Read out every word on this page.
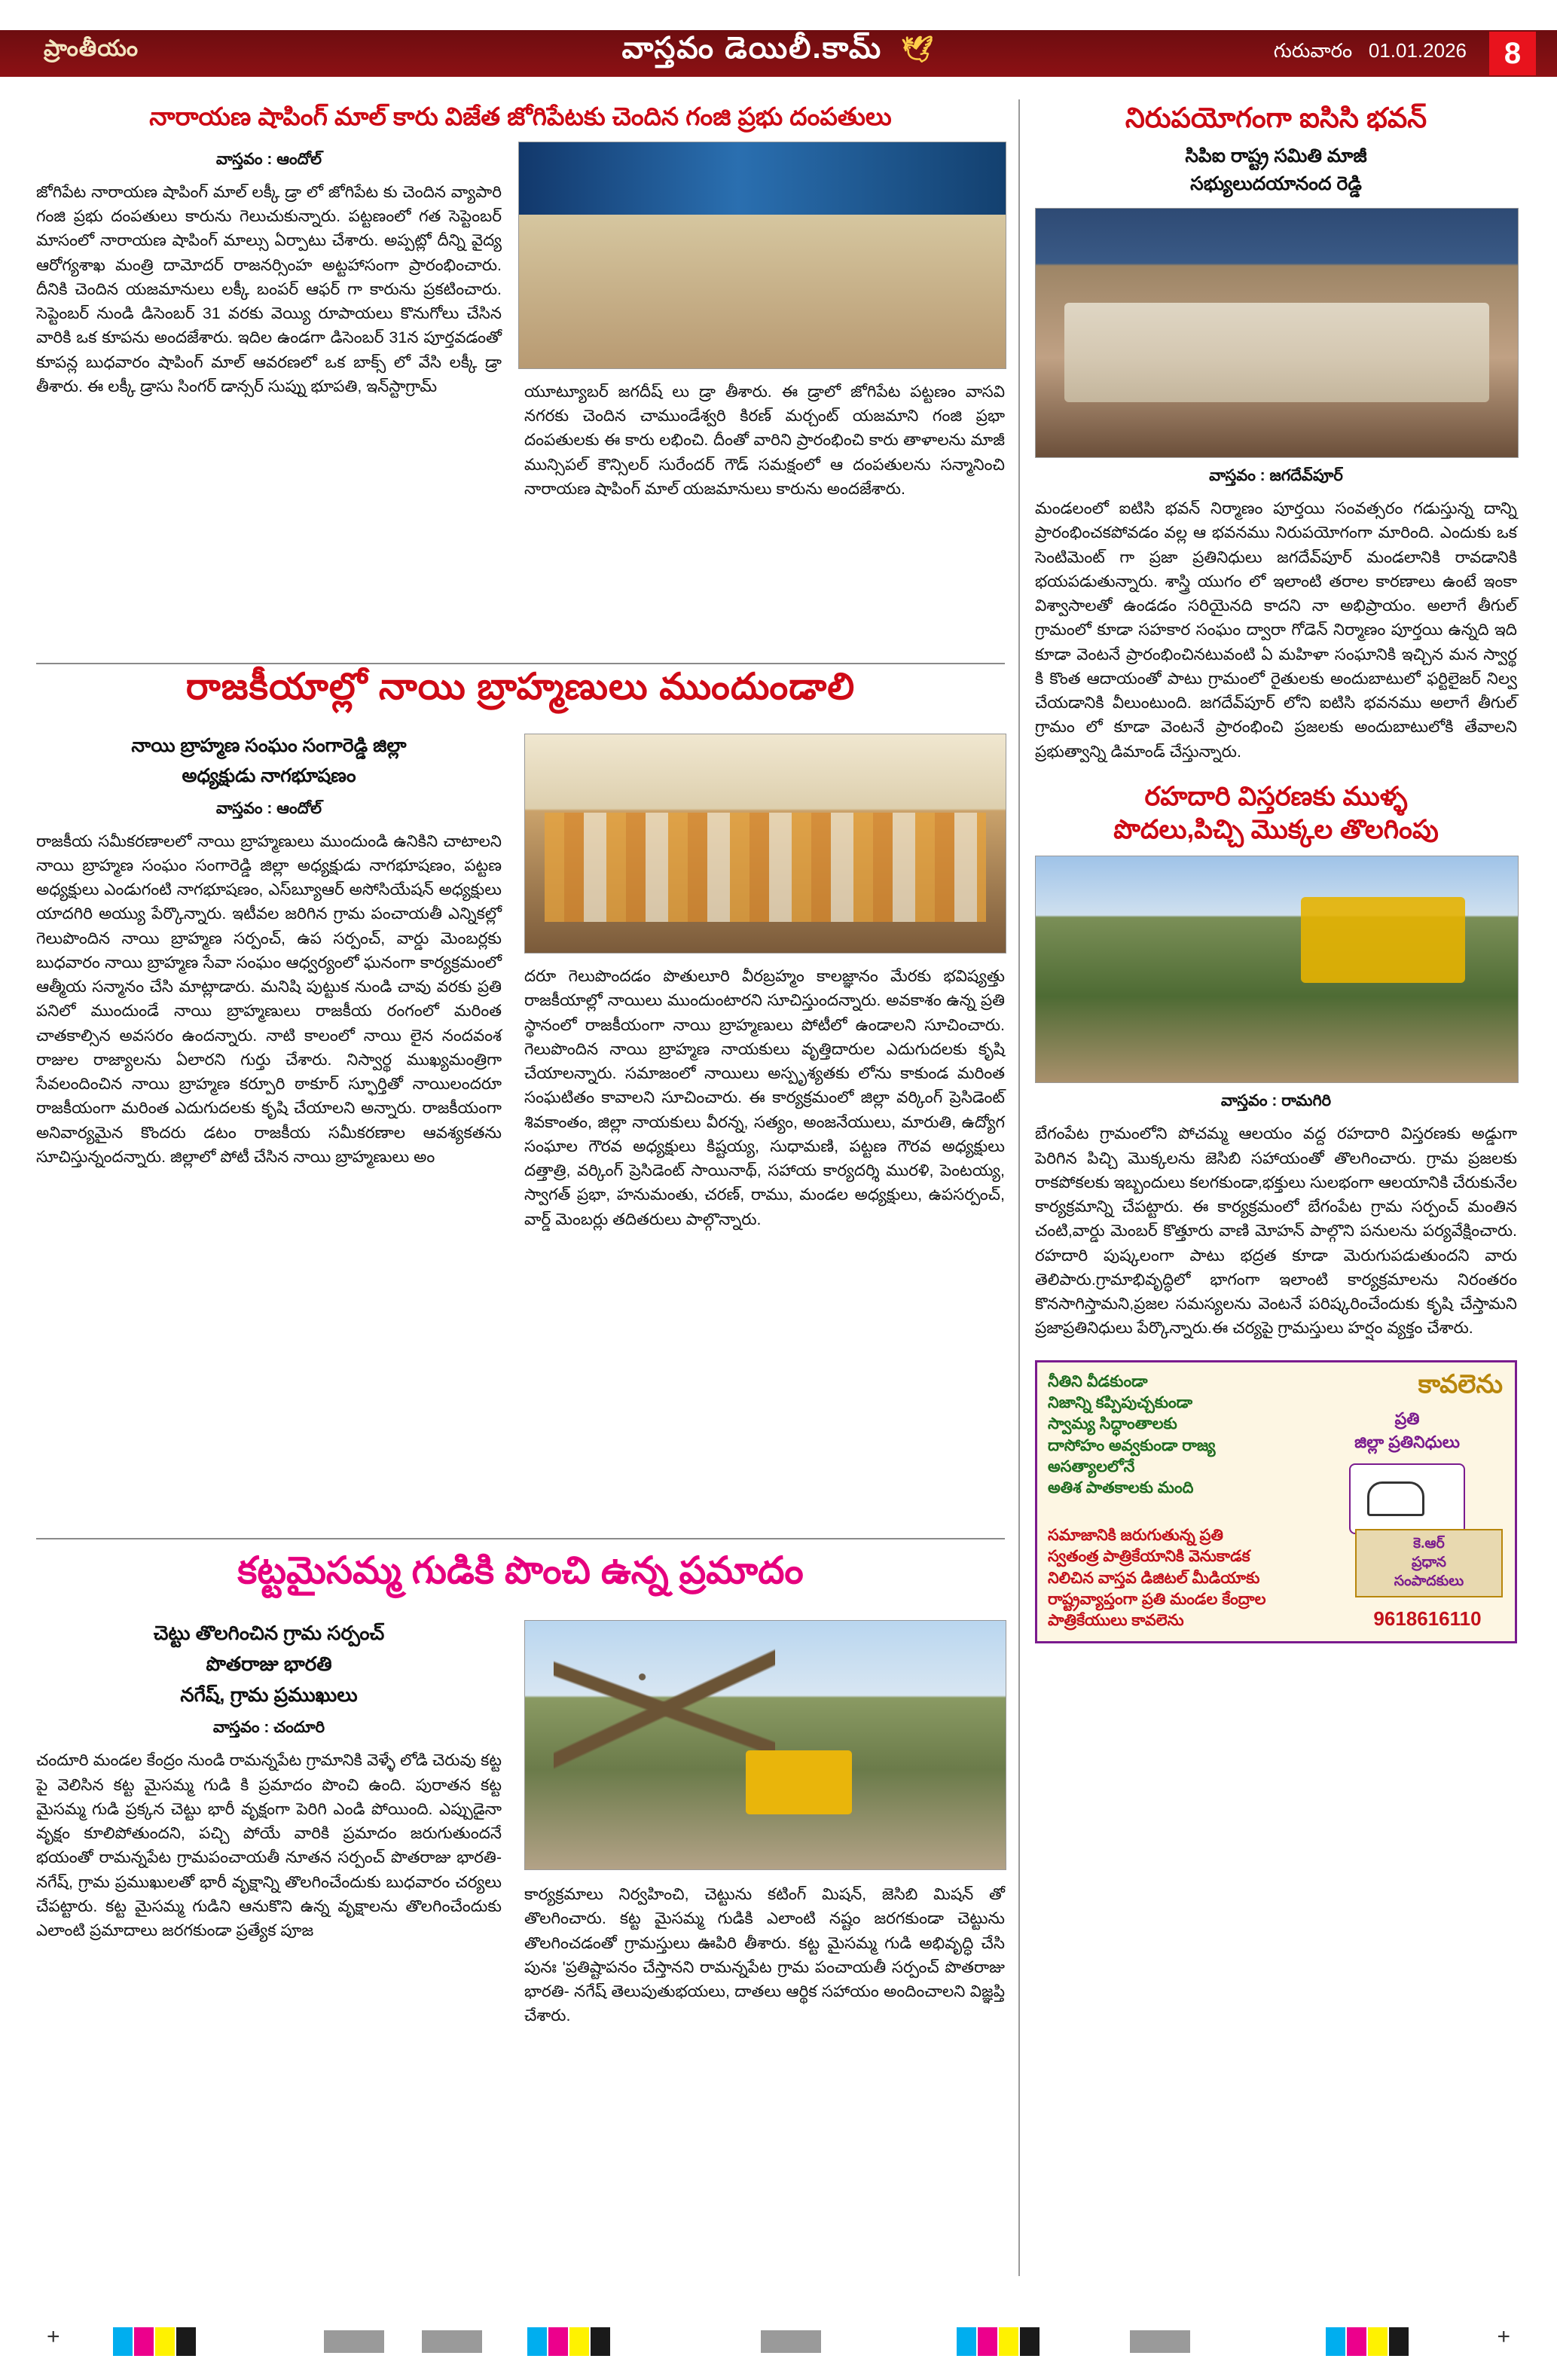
ప్రాంతీయం	వాస్తవం డెయిలీ.కామ్ 🕊	గురువారం 01.01.2026	8
నారాయణ షాపింగ్ మాల్ కారు విజేత జోగిపేటకు చెందిన గంజి ప్రభు దంపతులు
వాస్తవం : ఆందోల్
జోగిపేట నారాయణ షాపింగ్ మాల్ లక్కీ డ్రా లో జోగిపేట కు చెందిన వ్యాపారి గంజి ప్రభు దంపతులు కారును గెలుచుకున్నారు. పట్టణంలో గత సెప్టెంబర్ మాసంలో నారాయణ షాపింగ్ మాల్సు ఏర్పాటు చేశారు. అప్పట్లో దీన్ని వైద్య ఆరోగ్యశాఖ మంత్రి దామోదర్ రాజనర్సింహ అట్టహాసంగా ప్రారంభించారు. దీనికి చెందిన యజమానులు లక్కీ బంపర్ ఆఫర్ గా కారును ప్రకటించారు. సెప్టెంబర్ నుండి డిసెంబర్ 31 వరకు వెయ్యి రూపాయలు కొనుగోలు చేసిన వారికి ఒక కూపను అందజేశారు. ఇదిల ఉండగా డిసెంబర్ 31న పూర్తవడంతో కూపన్ల బుధవారం షాపింగ్ మాల్ ఆవరణలో ఒక బాక్స్ లో వేసి లక్కీ డ్రా తీశారు. ఈ లక్కీ డ్రాసు సింగర్ డాన్సర్ సుప్ను భూపతి, ఇన్‌స్టాగ్రామ్	యూట్యూబర్ జగదీష్ లు డ్రా తీశారు. ఈ డ్రాలో జోగిపేట పట్టణం వాసవి నగరకు చెందిన చాముండేశ్వరి కిరణ్ మర్చంట్ యజమాని గంజి ప్రభా దంపతులకు ఈ కారు లభించి. దీంతో వారిని ప్రారంభించి కారు తాళాలను మాజీ మున్సిపల్ కౌన్సిలర్ సురేందర్ గౌడ్ సమక్షంలో ఆ దంపతులను సన్మానించి నారాయణ షాపింగ్ మాల్ యజమానులు కారును అందజేశారు.
రాజకీయాల్లో నాయి బ్రాహ్మణులు ముందుండాలి
నాయి బ్రాహ్మణ సంఘం సంగారెడ్డి జిల్లా
అధ్యక్షుడు నాగభూషణం
వాస్తవం : ఆందోల్
రాజకీయ సమీకరణాలలో నాయి బ్రాహ్మణులు ముందుండి ఉనికిని చాటాలని నాయి బ్రాహ్మణ సంఘం సంగారెడ్డి జిల్లా అధ్యక్షుడు నాగభూషణం, పట్టణ అధ్యక్షులు ఎండుగంటి నాగభూషణం, ఎస్‌బ్యూఆర్ అసోసియేషన్ అధ్యక్షులు యాదగిరి అయ్యు పేర్కొన్నారు. ఇటీవల జరిగిన గ్రామ పంచాయతీ ఎన్నికల్లో గెలుపొందిన నాయి బ్రాహ్మణ సర్పంచ్, ఉప సర్పంచ్, వార్డు మెంబర్లకు బుధవారం నాయి బ్రాహ్మణ సేవా సంఘం ఆధ్వర్యంలో ఘనంగా కార్యక్రమంలో ఆత్మీయ సన్మానం చేసి మాట్లాడారు. మనిషి పుట్టుక నుండి చావు వరకు ప్రతి పనిలో ముందుండే నాయి బ్రాహ్మణులు రాజకీయ రంగంలో మరింత చాతకాల్సిన అవసరం ఉందన్నారు. నాటి కాలంలో నాయి లైన నందవంశ రాజుల రాజ్యాలను ఏలారని గుర్తు చేశారు. నిస్వార్థ ముఖ్యమంత్రిగా సేవలందించిన నాయి బ్రాహ్మణ కర్పూరి ఠాకూర్ స్ఫూర్తితో నాయిలందరూ రాజకీయంగా మరింత ఎదుగుదలకు కృషి చేయాలని అన్నారు. రాజకీయంగా అనివార్యమైన కొందరు డటం రాజకీయ సమీకరణాల ఆవశ్యకతను సూచిస్తున్నందన్నారు. జిల్లాలో పోటీ చేసిన నాయి బ్రాహ్మణులు అం
దరూ గెలుపొందడం పొతులూరి వీరబ్రహ్మం కాలజ్ఞానం మేరకు భవిష్యత్తు రాజకీయాల్లో నాయిలు ముందుంటారని సూచిస్తుందన్నారు. అవకాశం ఉన్న ప్రతి స్థానంలో రాజకీయంగా నాయి బ్రాహ్మణులు పోటీలో ఉండాలని సూచించారు. గెలుపొందిన నాయి బ్రాహ్మణ నాయకులు వృత్తిదారుల ఎదుగుదలకు కృషి చేయాలన్నారు. సమాజంలో నాయిలు అస్పృశ్యతకు లోను కాకుండ మరింత సంఘటితం కావాలని సూచించారు. ఈ కార్యక్రమంలో జిల్లా వర్కింగ్ ప్రెసిడెంట్ శివకాంతం, జిల్లా నాయకులు వీరన్న, సత్యం, అంజనేయులు, మారుతి, ఉద్యోగ సంఘాల గౌరవ అధ్యక్షులు కిష్టయ్య, సుధామణి, పట్టణ గౌరవ అధ్యక్షులు దత్తాత్రి, వర్కింగ్ ప్రెసిడెంట్ సాయినాథ్, సహాయ కార్యదర్శి మురళి, పెంటయ్య, స్వాగత్ ప్రభా, హనుమంతు, చరణ్, రాము, మండల అధ్యక్షులు, ఉపసర్పంచ్, వార్డ్ మెంబర్లు తదితరులు పాల్గొన్నారు.
కట్టమైసమ్మ గుడికి పొంచి ఉన్న ప్రమాదం
చెట్టు తొలగించిన గ్రామ సర్పంచ్
పొతరాజు భారతి
నగేష్, గ్రామ ప్రముఖులు
వాస్తవం : చందూరి
చందూరి మండల కేంద్రం నుండి రామన్నపేట గ్రామానికి వెళ్ళే లోడి చెరువు కట్ట పై వెలిసిన కట్ట మైసమ్మ గుడి కి ప్రమాదం పొంచి ఉంది. పురాతన కట్ట మైసమ్మ గుడి ప్రక్కన చెట్టు భారీ వృక్షంగా పెరిగి ఎండి పోయింది. ఎప్పుడైనా వృక్షం కూలిపోతుందని, పచ్చి పోయే వారికి ప్రమాదం జరుగుతుందనే భయంతో రామన్నపేట గ్రామపంచాయతీ నూతన సర్పంచ్ పొతరాజు భారతి- నగేష్, గ్రామ ప్రముఖులతో భారీ వృక్షాన్ని తొలగించేందుకు బుధవారం చర్యలు చేపట్టారు. కట్ట మైసమ్మ గుడిని ఆనుకొని ఉన్న వృక్షాలను తొలగించేందుకు ఎలాంటి ప్రమాదాలు జరగకుండా ప్రత్యేక పూజ
కార్యక్రమాలు నిర్వహించి, చెట్టును కటింగ్ మిషన్, జెసిబి మిషన్ తో తొలగించారు. కట్ట మైసమ్మ గుడికి ఎలాంటి నష్టం జరగకుండా చెట్టును తొలగించడంతో గ్రామస్తులు ఊపిరి తీశారు. కట్ట మైసమ్మ గుడి అభివృద్ధి చేసి పునః 'ప్రతిష్టాపనం చేస్తానని రామన్నపేట గ్రామ పంచాయతీ సర్పంచ్ పొతరాజు భారతి- నగేష్ తెలుపుతుభయలు, దాతలు ఆర్థిక సహాయం అందించాలని విజ్ఞప్తి చేశారు.
నిరుపయోగంగా ఐసిసి భవన్
సిపిఐ రాష్ట్ర సమితి మాజీ
సభ్యులుదయానంద రెడ్డి
వాస్తవం : జగదేవ్‌పూర్
మండలంలో ఐటిసి భవన్ నిర్మాణం పూర్తయి సంవత్సరం గడుస్తున్న దాన్ని ప్రారంభించకపోవడం వల్ల ఆ భవనము నిరుపయోగంగా మారింది. ఎందుకు ఒక సెంటిమెంట్ గా ప్రజా ప్రతినిధులు జగదేవ్‌పూర్ మండలానికి రావడానికి భయపడుతున్నారు. శాస్త్రి యుగం లో ఇలాంటి తరాల కారణాలు ఉంటే ఇంకా విశ్వాసాలతో ఉండడం సరియైనది కాదని నా అభిప్రాయం. అలాగే తీగుల్ గ్రామంలో కూడా సహకార సంఘం ద్వారా గోడెన్ నిర్మాణం పూర్తయి ఉన్నది ఇది కూడా వెంటనే ప్రారంభించినటువంటి ఏ మహిళా సంఘానికి ఇచ్చిన మన స్వార్థ కి కొంత ఆదాయంతో పాటు గ్రామంలో రైతులకు అందుబాటులో ఫర్టిలైజర్ నిల్వ చేయడానికి వీలుంటుంది. జగదేవ్‌పూర్ లోని ఐటిసి భవనము అలాగే తీగుల్ గ్రామం లో కూడా వెంటనే ప్రారంభించి ప్రజలకు అందుబాటులోకి తేవాలని ప్రభుత్వాన్ని డిమాండ్ చేస్తున్నారు.
రహదారి విస్తరణకు ముళ్ళ
పొదలు,పిచ్చి మొక్కల తొలగింపు
వాస్తవం : రామగిరి
బేగంపేట గ్రామంలోని పోచమ్మ ఆలయం వద్ద రహదారి విస్తరణకు అడ్డుగా పెరిగిన పిచ్చి మొక్కలను జెసిబి సహాయంతో తొలగించారు. గ్రామ ప్రజలకు రాకపోకలకు ఇబ్బందులు కలగకుండా,భక్తులు సులభంగా ఆలయానికి చేరుకునేల కార్యక్రమాన్ని చేపట్టారు. ఈ కార్యక్రమంలో బేగంపేట గ్రామ సర్పంచ్ మంతిన చంటి,వార్డు మెంబర్ కొత్తూరు వాణి మోహన్ పాల్గొని పనులను పర్యవేక్షించారు. రహదారి పుష్కలంగా పాటు భద్రత కూడా మెరుగుపడుతుందని వారు తెలిపారు.గ్రామాభివృద్ధిలో భాగంగా ఇలాంటి కార్యక్రమాలను నిరంతరం కొనసాగిస్తామని,ప్రజల సమస్యలను వెంటనే పరిష్కరించేందుకు కృషి చేస్తామని ప్రజాప్రతినిధులు పేర్కొన్నారు.ఈ చర్యపై గ్రామస్తులు హర్షం వ్యక్తం చేశారు.
కావలెను
నీతిని వీడకుండా
నిజాన్ని కప్పిపుచ్చకుండా
స్వామ్య సిద్ధాంతాలకు
దాసోహం అవ్వకుండా రాజ్య
అసత్యాలలోనే
అతిశ పాతకాలకు మంది
ప్రతి
జిల్లా ప్రతినిధులు
సమాజానికి జరుగుతున్న ప్రతి
స్వతంత్ర పాత్రికేయానికి వెనుకాడక
నిలిచిన వాస్తవ డిజిటల్ మీడియాకు
రాష్ట్రవ్యాప్తంగా ప్రతి మండల కేంద్రాల
పాత్రికేయులు కావలెను
కె.ఆర్
ప్రధాన
సంపాదకులు
9618616110
+	+
